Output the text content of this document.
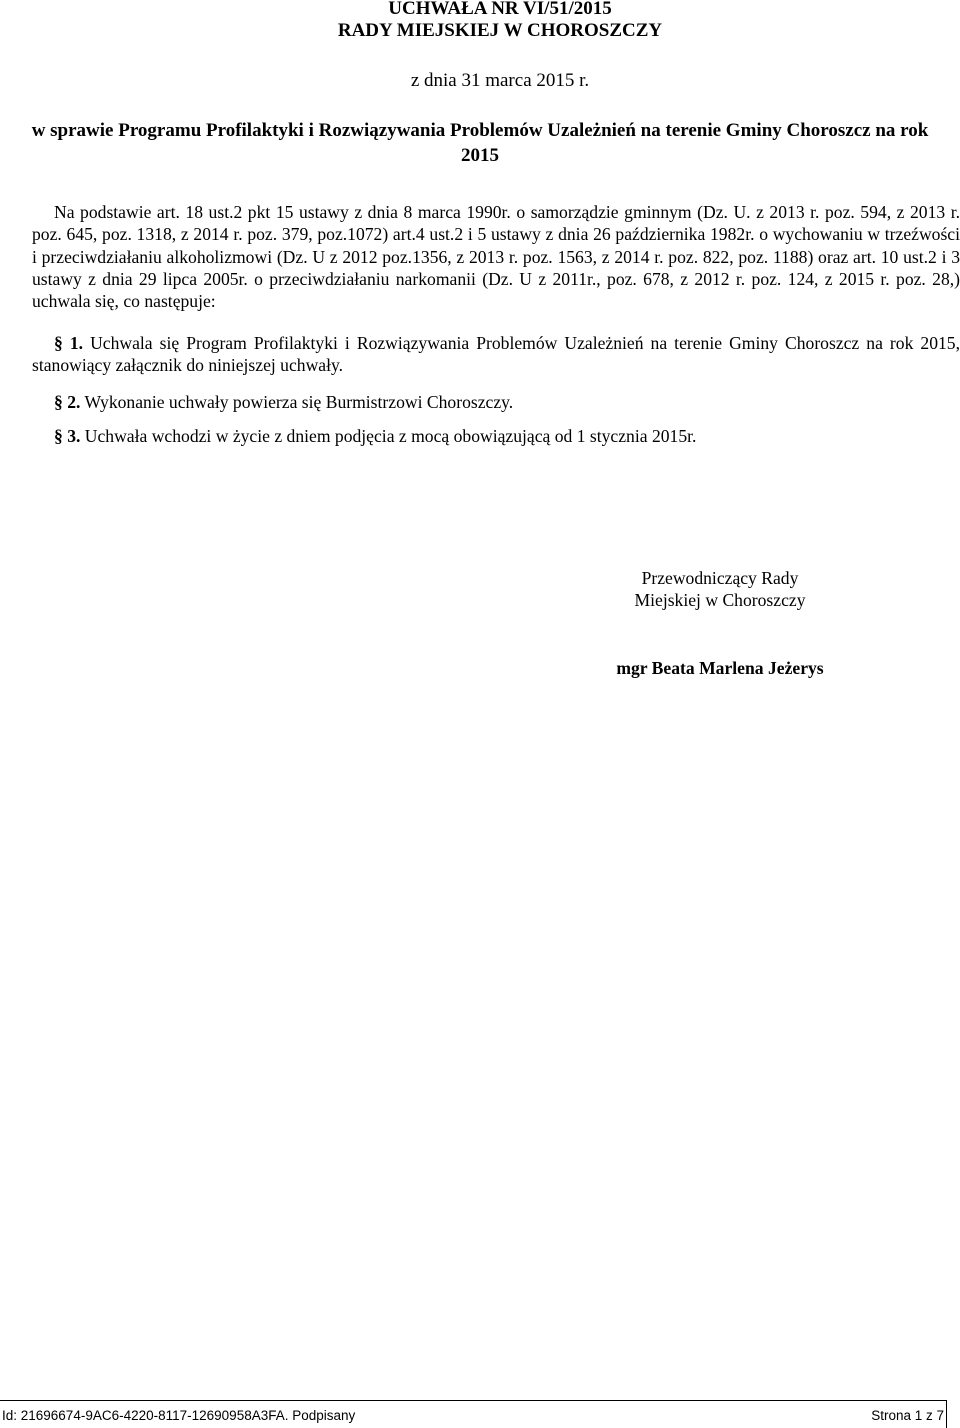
UCHWAŁA NR VI/51/2015
RADY MIEJSKIEJ W CHOROSZCZY
z dnia 31 marca 2015 r.
w sprawie Programu Profilaktyki i Rozwiązywania Problemów Uzależnień na terenie Gminy Choroszcz na rok 2015
Na podstawie art. 18 ust.2 pkt 15 ustawy z dnia 8 marca 1990r. o samorządzie gminnym (Dz. U. z 2013 r. poz. 594, z 2013 r. poz. 645, poz. 1318, z 2014 r. poz. 379, poz.1072) art.4 ust.2 i 5 ustawy z dnia 26 października 1982r. o wychowaniu w trzeźwości i przeciwdziałaniu alkoholizmowi (Dz. U z 2012 poz.1356, z 2013 r. poz. 1563, z 2014 r. poz. 822, poz. 1188) oraz art. 10 ust.2 i 3 ustawy z dnia 29 lipca 2005r. o przeciwdziałaniu narkomanii (Dz. U z 2011r., poz. 678, z 2012 r. poz. 124, z 2015 r. poz. 28,) uchwala się, co następuje:
§ 1. Uchwala się Program Profilaktyki i Rozwiązywania Problemów Uzależnień na terenie Gminy Choroszcz na rok 2015, stanowiący załącznik do niniejszej uchwały.
§ 2. Wykonanie uchwały powierza się Burmistrzowi Choroszczy.
§ 3. Uchwała wchodzi w życie z dniem podjęcia z mocą obowiązującą od 1 stycznia 2015r.
Przewodniczący Rady
Miejskiej w Choroszczy
mgr Beata Marlena Jeżerys
Id: 21696674-9AC6-4220-8117-12690958A3FA. Podpisany	Strona 1 z 7
